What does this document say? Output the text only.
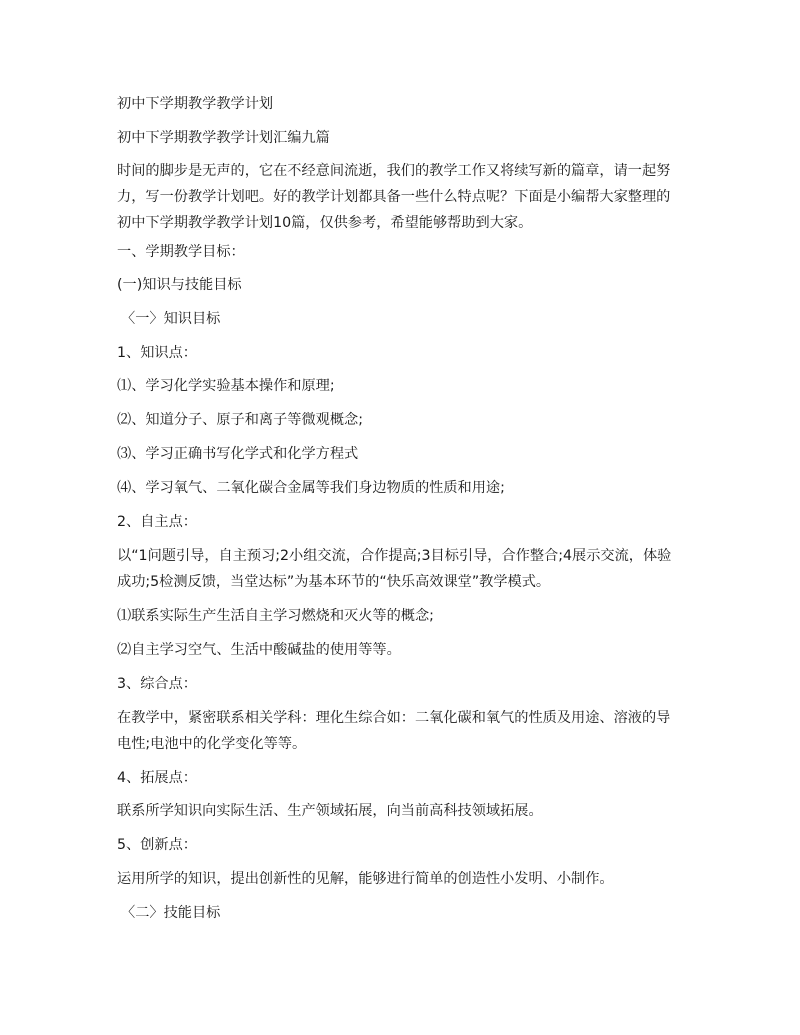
初中下学期教学教学计划

初中下学期教学教学计划汇编九篇

时间的脚步是无声的，它在不经意间流逝，我们的教学工作又将续写新的篇章，请一起努力，写一份教学计划吧。好的教学计划都具备一些什么特点呢？下面是小编帮大家整理的初中下学期教学教学计划10篇，仅供参考，希望能够帮助到大家。

一、学期教学目标：

(一)知识与技能目标

〈一〉知识目标

1、知识点：

⑴、学习化学实验基本操作和原理;

⑵、知道分子、原子和离子等微观概念;

⑶、学习正确书写化学式和化学方程式

⑷、学习氧气、二氧化碳合金属等我们身边物质的性质和用途;

2、自主点：

以“1问题引导，自主预习;2小组交流，合作提高;3目标引导，合作整合;4展示交流，体验成功;5检测反馈，当堂达标”为基本环节的“快乐高效课堂”教学模式。

⑴联系实际生产生活自主学习燃烧和灭火等的概念;

⑵自主学习空气、生活中酸碱盐的使用等等。

3、综合点：

在教学中，紧密联系相关学科：理化生综合如：二氧化碳和氧气的性质及用途、溶液的导电性;电池中的化学变化等等。

4、拓展点：

联系所学知识向实际生活、生产领域拓展，向当前高科技领域拓展。

5、创新点：

运用所学的知识，提出创新性的见解，能够进行简单的创造性小发明、小制作。

〈二〉技能目标
